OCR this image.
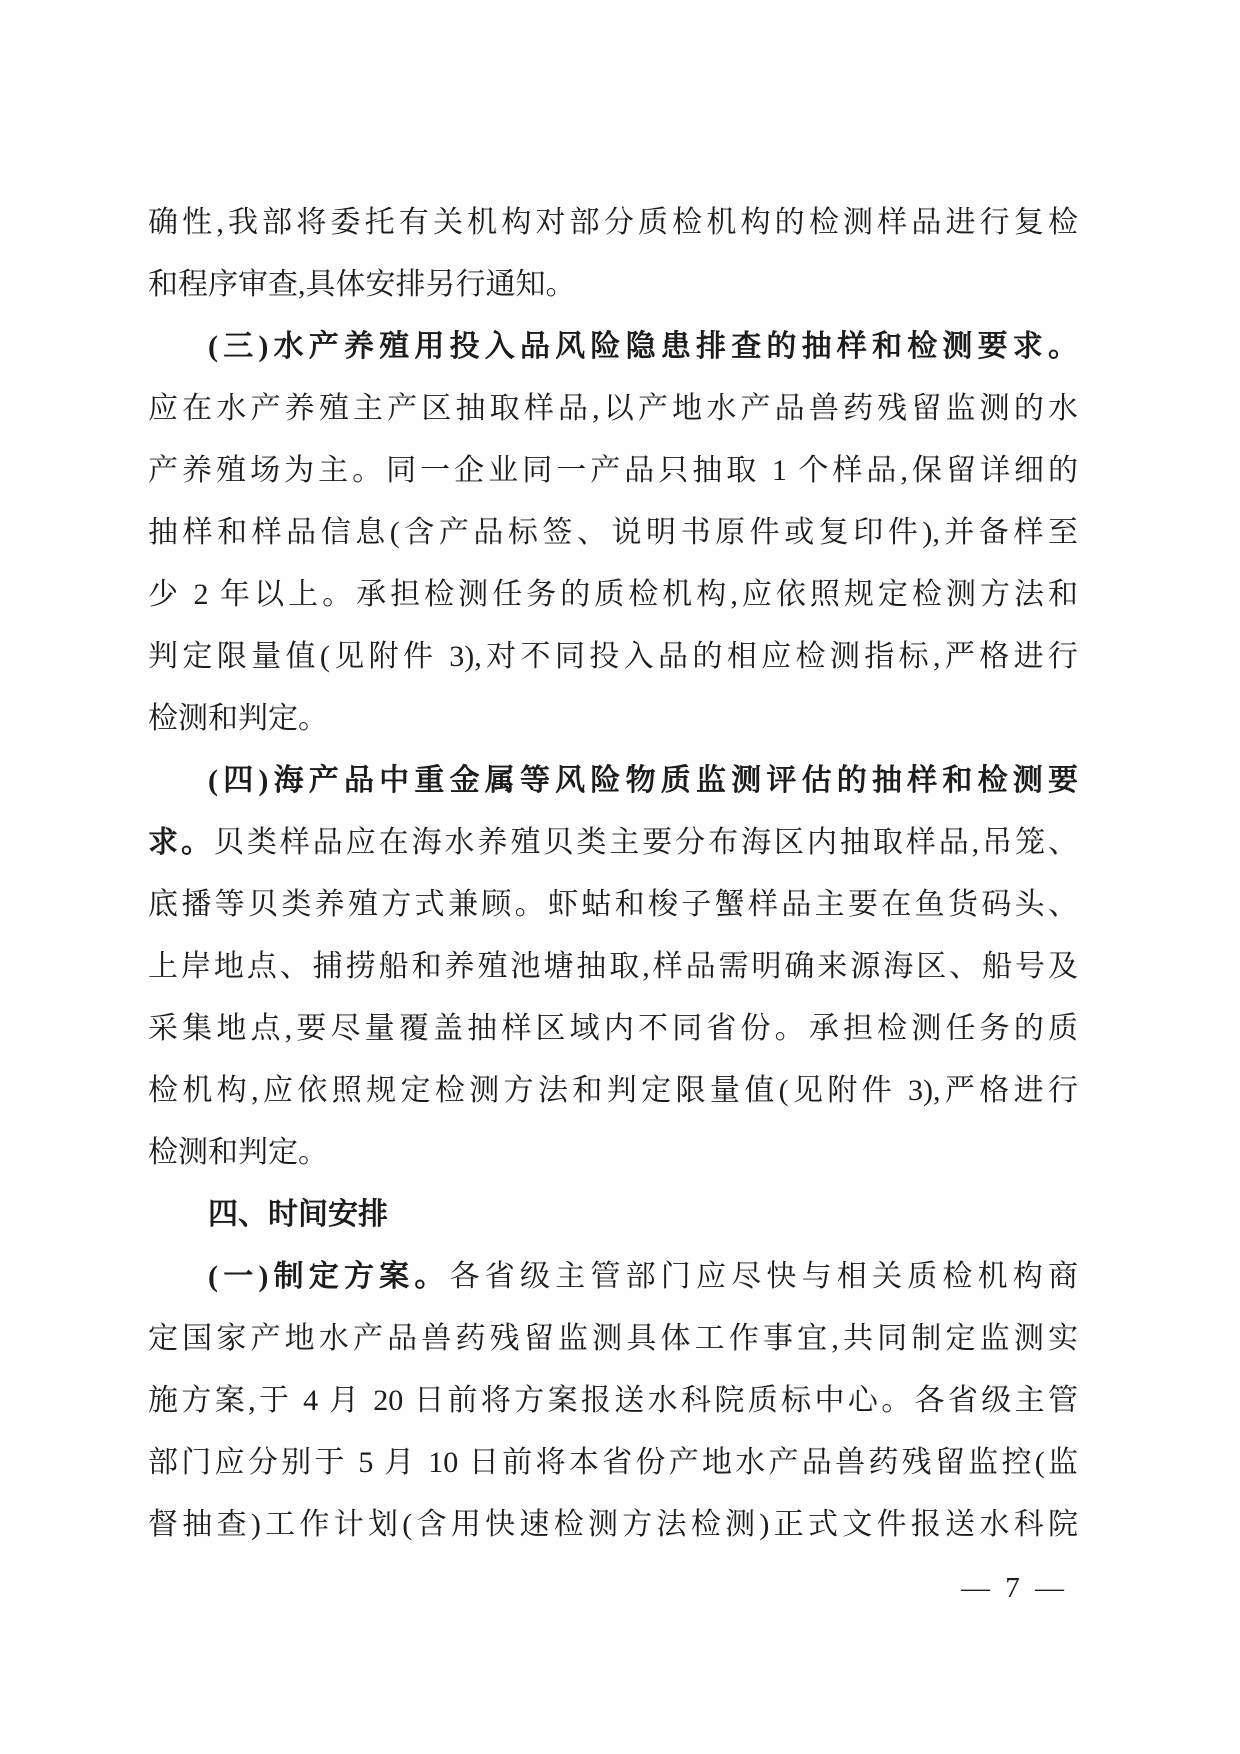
确性,我部将委托有关机构对部分质检机构的检测样品进行复检
和程序审查,具体安排另行通知。
(三)水产养殖用投入品风险隐患排查的抽样和检测要求。
应在水产养殖主产区抽取样品,以产地水产品兽药残留监测的水
产养殖场为主。同一企业同一产品只抽取 1 个样品,保留详细的
抽样和样品信息(含产品标签、说明书原件或复印件),并备样至
少 2 年以上。承担检测任务的质检机构,应依照规定检测方法和
判定限量值(见附件 3),对不同投入品的相应检测指标,严格进行
检测和判定。
(四)海产品中重金属等风险物质监测评估的抽样和检测要
求。贝类样品应在海水养殖贝类主要分布海区内抽取样品,吊笼、
底播等贝类养殖方式兼顾。虾蛄和梭子蟹样品主要在鱼货码头、
上岸地点、捕捞船和养殖池塘抽取,样品需明确来源海区、船号及
采集地点,要尽量覆盖抽样区域内不同省份。承担检测任务的质
检机构,应依照规定检测方法和判定限量值(见附件 3),严格进行
检测和判定。
四、时间安排
(一)制定方案。各省级主管部门应尽快与相关质检机构商
定国家产地水产品兽药残留监测具体工作事宜,共同制定监测实
施方案,于 4 月 20 日前将方案报送水科院质标中心。各省级主管
部门应分别于 5 月 10 日前将本省份产地水产品兽药残留监控(监
督抽查)工作计划(含用快速检测方法检测)正式文件报送水科院
— 7 —
